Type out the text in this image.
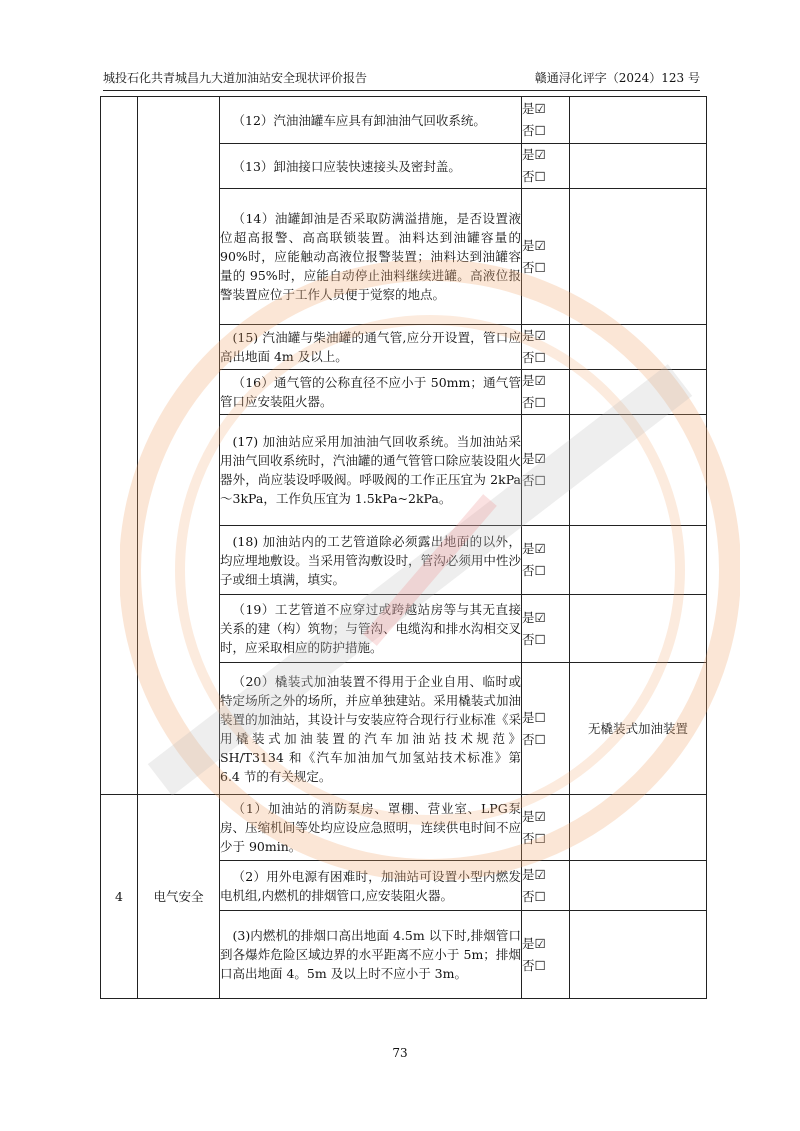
城投石化共青城昌九大道加油站安全现状评价报告	赣通浔化评字（2024）123 号

		（12）汽油油罐车应具有卸油油气回收系统。	是☑
否☐	

		（13）卸油接口应装快速接头及密封盖。	是☑
否☐	

		（14）油罐卸油是否采取防满溢措施，是否设置液位超高报警、高高联锁装置。油料达到油罐容量的 90%时，应能触动高液位报警装置；油料达到油罐容量的 95%时，应能自动停止油料继续进罐。高液位报警装置应位于工作人员便于觉察的地点。	是☑
否☐	

		(15) 汽油罐与柴油罐的通气管,应分开设置，管口应高出地面 4m 及以上。	是☑
否☐	

		（16）通气管的公称直径不应小于 50mm；通气管管口应安装阻火器。	是☑
否☐	

		(17) 加油站应采用加油油气回收系统。当加油站采用油气回收系统时，汽油罐的通气管管口除应装设阻火器外，尚应装设呼吸阀。呼吸阀的工作正压宜为 2kPa～3kPa，工作负压宜为 1.5kPa~2kPa。	是☑
否☐	

		(18) 加油站内的工艺管道除必须露出地面的以外，均应埋地敷设。当采用管沟敷设时，管沟必须用中性沙子或细土填满，填实。	是☑
否☐	

		（19）工艺管道不应穿过或跨越站房等与其无直接关系的建（构）筑物；与管沟、电缆沟和排水沟相交叉时，应采取相应的防护措施。	是☑
否☐	

		（20）橇装式加油装置不得用于企业自用、临时或特定场所之外的场所，并应单独建站。采用橇装式加油装置的加油站，其设计与安装应符合现行行业标准《采用橇装式加油装置的汽车加油站技术规范》SH/T3134 和《汽车加油加气加氢站技术标准》第 6.4 节的有关规定。	是☐
否☐	无橇装式加油装置
4	电气安全	（1）加油站的消防泵房、罩棚、营业室、LPG泵房、压缩机间等处均应设应急照明，连续供电时间不应少于 90min。	是☑
否☐	

		（2）用外电源有困难时，加油站可设置小型内燃发电机组,内燃机的排烟管口,应安装阻火器。	是☑
否☐	

		(3)内燃机的排烟口高出地面 4.5m 以下时,排烟管口到各爆炸危险区域边界的水平距离不应小于 5m；排烟口高出地面 4。5m 及以上时不应小于 3m。	是☑
否☐	

73
